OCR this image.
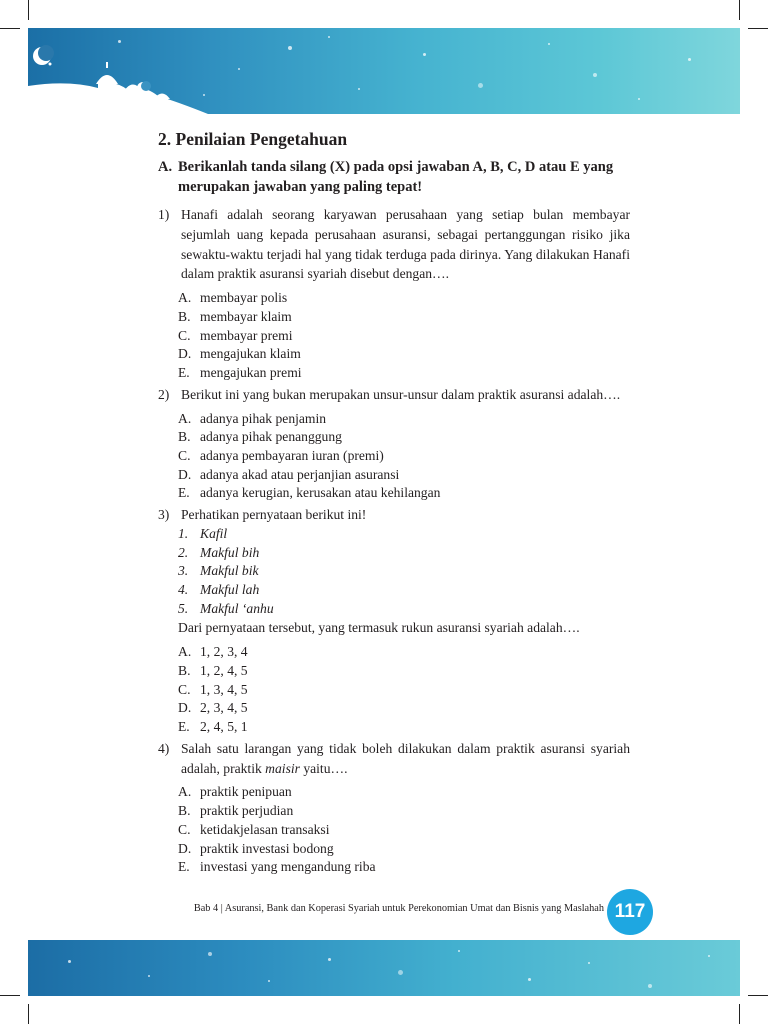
2. Penilaian Pengetahuan
A. Berikanlah tanda silang (X) pada opsi jawaban A, B, C, D atau E yang merupakan jawaban yang paling tepat!
1) Hanafi adalah seorang karyawan perusahaan yang setiap bulan membayar sejumlah uang kepada perusahaan asuransi, sebagai pertanggungan risiko jika sewaktu-waktu terjadi hal yang tidak terduga pada dirinya. Yang dilakukan Hanafi dalam praktik asuransi syariah disebut dengan….
A. membayar polis
B. membayar klaim
C. membayar premi
D. mengajukan klaim
E. mengajukan premi
2) Berikut ini yang bukan merupakan unsur-unsur dalam praktik asuransi adalah….
A. adanya pihak penjamin
B. adanya pihak penanggung
C. adanya pembayaran iuran (premi)
D. adanya akad atau perjanjian asuransi
E. adanya kerugian, kerusakan atau kehilangan
3) Perhatikan pernyataan berikut ini!
1. Kafil
2. Makful bih
3. Makful bik
4. Makful lah
5. Makful ‘anhu
Dari pernyataan tersebut, yang termasuk rukun asuransi syariah adalah….
A. 1, 2, 3, 4
B. 1, 2, 4, 5
C. 1, 3, 4, 5
D. 2, 3, 4, 5
E. 2, 4, 5, 1
4) Salah satu larangan yang tidak boleh dilakukan dalam praktik asuransi syariah adalah, praktik maisir yaitu….
A. praktik penipuan
B. praktik perjudian
C. ketidakjelasan transaksi
D. praktik investasi bodong
E. investasi yang mengandung riba
Bab 4 | Asuransi, Bank dan Koperasi Syariah untuk Perekonomian Umat dan Bisnis yang Maslahah 117
